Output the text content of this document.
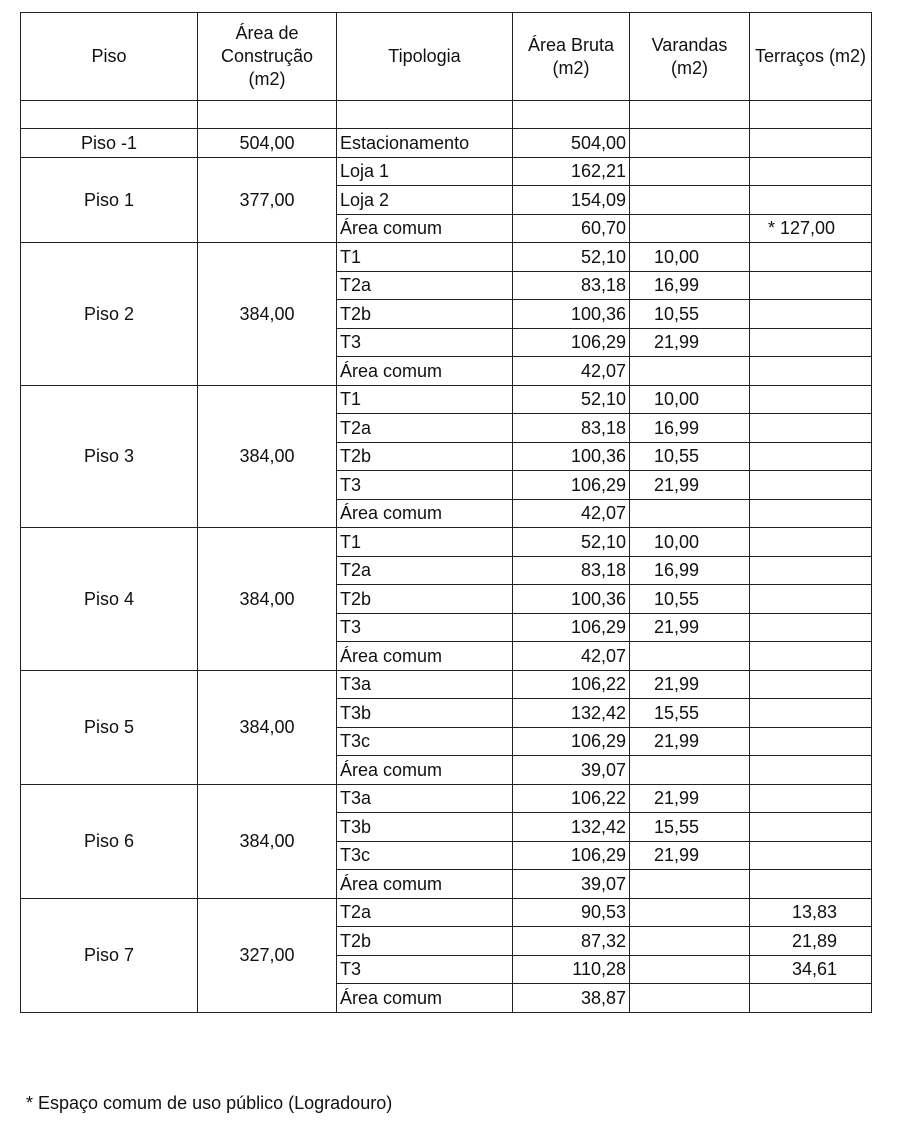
Piso	Área de Construção (m2)	Tipologia	Área Bruta (m2)	Varandas (m2)	Terraços (m2)

Piso -1	504,00	Estacionamento	504,00		
Piso 1	377,00	Loja 1	162,21		
		Loja 2	154,09		
		Área comum	60,70		* 127,00
Piso 2	384,00	T1	52,10	10,00	
		T2a	83,18	16,99	
		T2b	100,36	10,55	
		T3	106,29	21,99	
		Área comum	42,07		
Piso 3	384,00	T1	52,10	10,00	
		T2a	83,18	16,99	
		T2b	100,36	10,55	
		T3	106,29	21,99	
		Área comum	42,07		
Piso 4	384,00	T1	52,10	10,00	
		T2a	83,18	16,99	
		T2b	100,36	10,55	
		T3	106,29	21,99	
		Área comum	42,07		
Piso 5	384,00	T3a	106,22	21,99	
		T3b	132,42	15,55	
		T3c	106,29	21,99	
		Área comum	39,07		
Piso 6	384,00	T3a	106,22	21,99	
		T3b	132,42	15,55	
		T3c	106,29	21,99	
		Área comum	39,07		
Piso 7	327,00	T2a	90,53		13,83
		T2b	87,32		21,89
		T3	110,28		34,61
		Área comum	38,87		
* Espaço comum de uso público (Logradouro)
